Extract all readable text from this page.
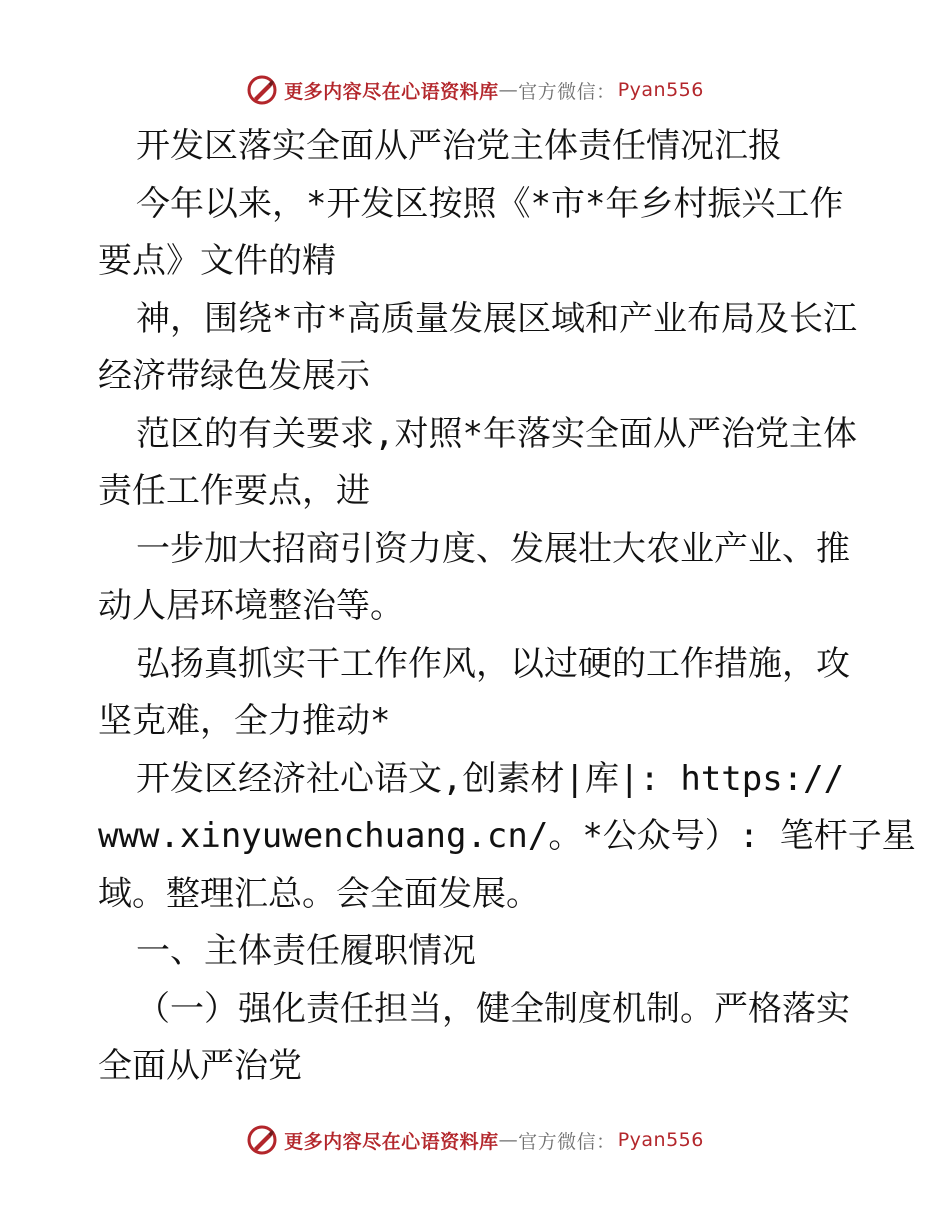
更多内容尽在心语资料库 — 官方微信： Pyan556
开发区落实全面从严治党主体责任情况汇报
今年以来，*开发区按照《*市*年乡村振兴工作
要点》文件的精
神，围绕*市*高质量发展区域和产业布局及长江
经济带绿色发展示
范区的有关要求,对照*年落实全面从严治党主体
责任工作要点，进
一步加大招商引资力度、发展壮大农业产业、推
动人居环境整治等。
弘扬真抓实干工作作风，以过硬的工作措施，攻
坚克难，全力推动*
开发区经济社心语文,创素材|库|: https://
www.xinyuwenchuang.cn/。*公众号）: 笔杆子星
域。整理汇总。会全面发展。
一、主体责任履职情况
（一）强化责任担当，健全制度机制。严格落实
全面从严治党
更多内容尽在心语资料库 — 官方微信： Pyan556
